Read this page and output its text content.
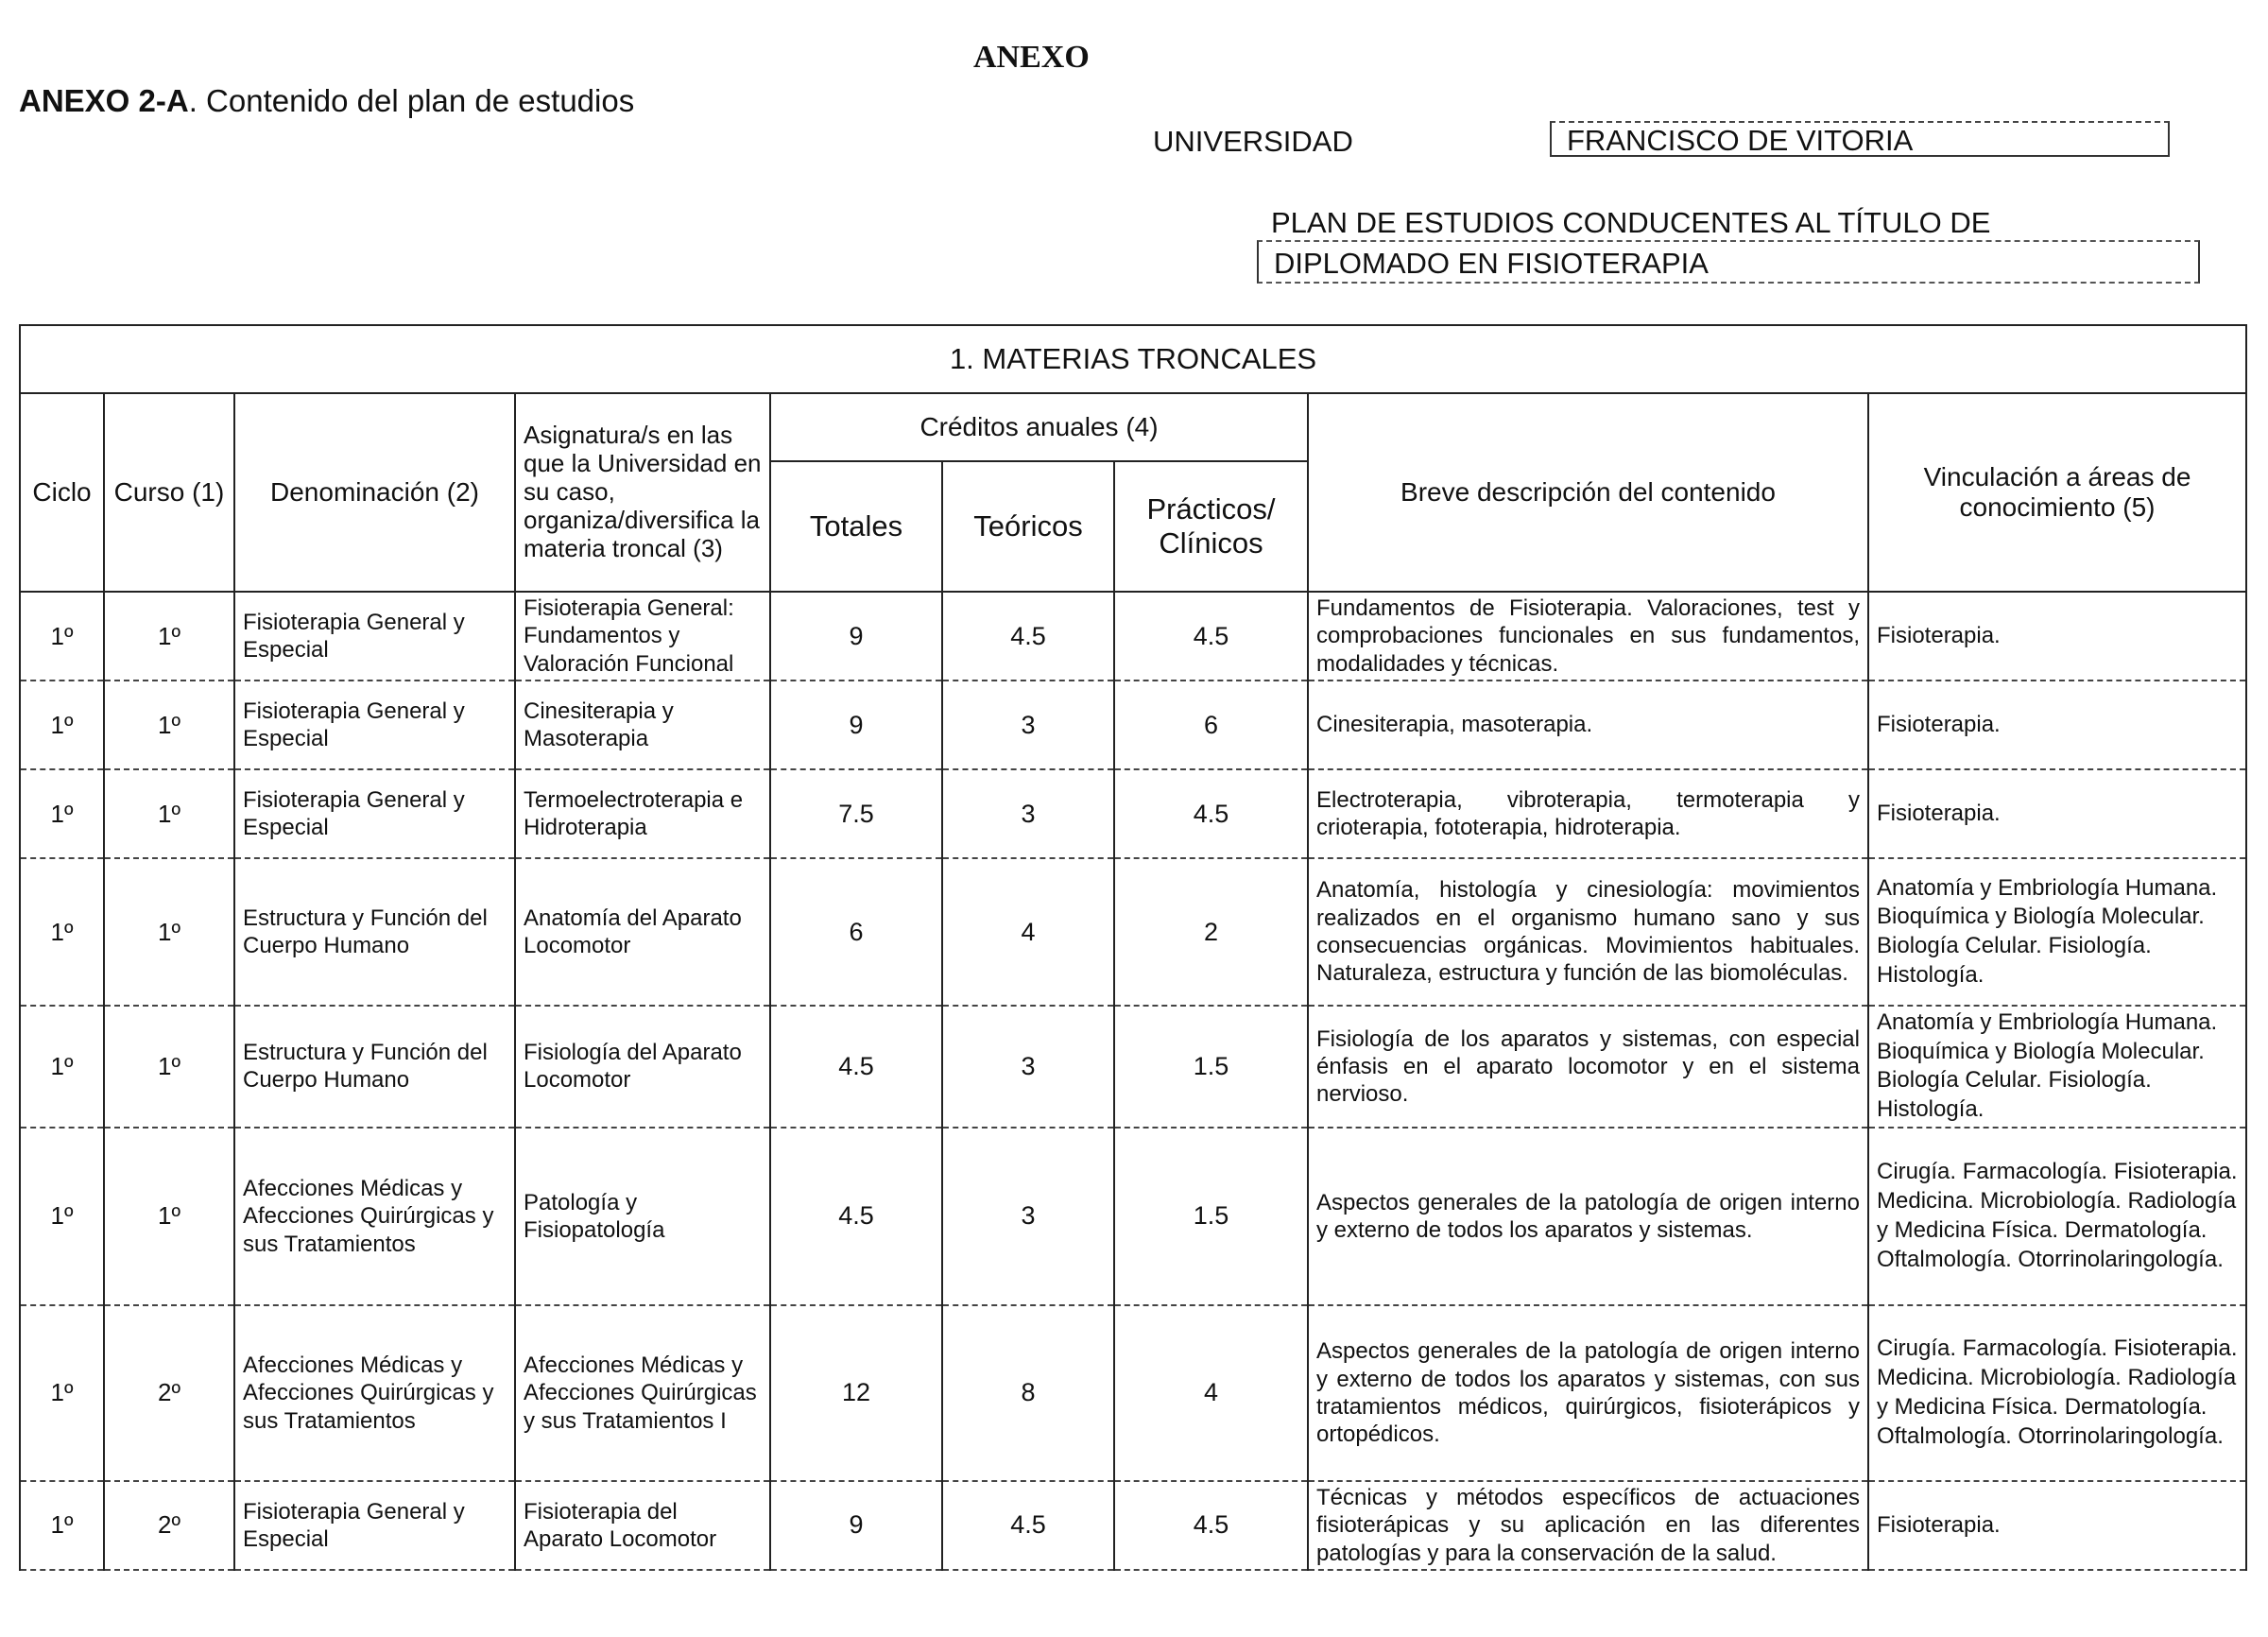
ANEXO
ANEXO 2-A. Contenido del plan de estudios
UNIVERSIDAD	FRANCISCO DE VITORIA
PLAN DE ESTUDIOS CONDUCENTES AL TÍTULO DE
DIPLOMADO EN FISIOTERAPIA
1. MATERIAS TRONCALES								
Ciclo	Curso (1)	Denominación (2)	Asignatura/s en las que la Universidad en su caso, organiza/diversifica la materia troncal (3)	Créditos anuales (4)			Breve descripción del contenido	Vinculación a áreas de conocimiento (5)
				Totales	Teóricos	Prácticos/ Clínicos		
1º	1º	Fisioterapia General y Especial	Fisioterapia General: Fundamentos y Valoración Funcional	9	4.5	4.5	Fundamentos de Fisioterapia. Valoraciones, test y comprobaciones funcionales en sus fundamentos, modalidades y técnicas.	Fisioterapia.
1º	1º	Fisioterapia General y Especial	Cinesiterapia y Masoterapia	9	3	6	Cinesiterapia, masoterapia.	Fisioterapia.
1º	1º	Fisioterapia General y Especial	Termoelectroterapia e Hidroterapia	7.5	3	4.5	Electroterapia, vibroterapia, termoterapia y crioterapia, fototerapia, hidroterapia.	Fisioterapia.
1º	1º	Estructura y Función del Cuerpo Humano	Anatomía del Aparato Locomotor	6	4	2	Anatomía, histología y cinesiología: movimientos realizados en el organismo humano sano y sus consecuencias orgánicas. Movimientos habituales. Naturaleza, estructura y función de las biomoléculas.	Anatomía y Embriología Humana. Bioquímica y Biología Molecular. Biología Celular. Fisiología. Histología.
1º	1º	Estructura y Función del Cuerpo Humano	Fisiología del Aparato Locomotor	4.5	3	1.5	Fisiología de los aparatos y sistemas, con especial énfasis en el aparato locomotor y en el sistema nervioso.	Anatomía y Embriología Humana. Bioquímica y Biología Molecular. Biología Celular. Fisiología. Histología.
1º	1º	Afecciones Médicas y Afecciones Quirúrgicas y sus Tratamientos	Patología y Fisiopatología	4.5	3	1.5	Aspectos generales de la patología de origen interno y externo de todos los aparatos y sistemas.	Cirugía. Farmacología. Fisioterapia. Medicina. Microbiología. Radiología y Medicina Física. Dermatología. Oftalmología. Otorrinolaringología.
1º	2º	Afecciones Médicas y Afecciones Quirúrgicas y sus Tratamientos	Afecciones Médicas y Afecciones Quirúrgicas y sus Tratamientos I	12	8	4	Aspectos generales de la patología de origen interno y externo de todos los aparatos y sistemas, con sus tratamientos médicos, quirúrgicos, fisioterápicos y ortopédicos.	Cirugía. Farmacología. Fisioterapia. Medicina. Microbiología. Radiología y Medicina Física. Dermatología. Oftalmología. Otorrinolaringología.
1º	2º	Fisioterapia General y Especial	Fisioterapia del Aparato Locomotor	9	4.5	4.5	Técnicas y métodos específicos de actuaciones fisioterápicas y su aplicación en las diferentes patologías y para la conservación de la salud.	Fisioterapia.
